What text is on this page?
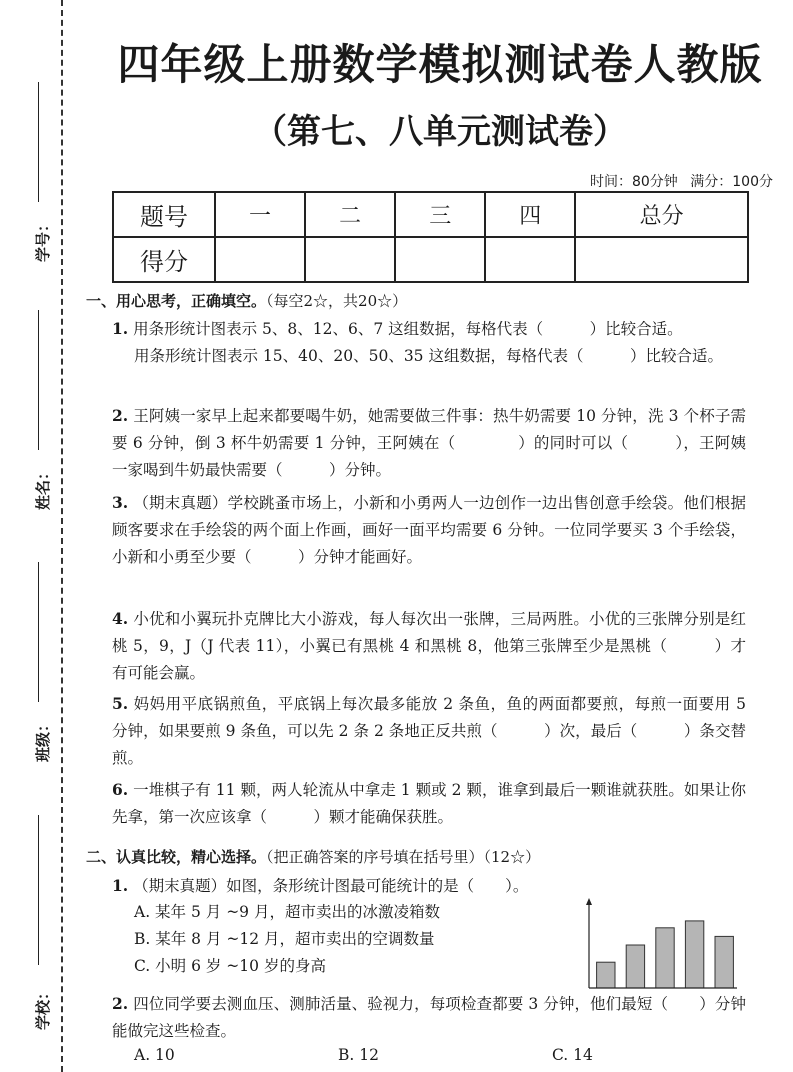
学号：
姓名：
班级：
学校：
四年级上册数学模拟测试卷人教版
（第七、八单元测试卷）
时间：80分钟 满分：100分
题号	一	二	三	四	总分
得分					
一、用心思考，正确填空。（每空2☆，共20☆）

1. 用条形统计图表示 5、8、12、6、7 这组数据，每格代表（　　　）比较合适。

用条形统计图表示 15、40、20、50、35 这组数据，每格代表（　　　）比较合适。

2. 王阿姨一家早上起来都要喝牛奶，她需要做三件事：热牛奶需要 10 分钟，洗 3 个杯子需要 6 分钟，倒 3 杯牛奶需要 1 分钟，王阿姨在（　　　　）的同时可以（　　　），王阿姨一家喝到牛奶最快需要（　　　）分钟。

3. （期末真题）学校跳蚤市场上，小新和小勇两人一边创作一边出售创意手绘袋。他们根据顾客要求在手绘袋的两个面上作画，画好一面平均需要 6 分钟。一位同学要买 3 个手绘袋，小新和小勇至少要（　　　）分钟才能画好。

4. 小优和小翼玩扑克牌比大小游戏，每人每次出一张牌，三局两胜。小优的三张牌分别是红桃 5，9，J（J 代表 11），小翼已有黑桃 4 和黑桃 8，他第三张牌至少是黑桃（　　　）才有可能会赢。

5. 妈妈用平底锅煎鱼，平底锅上每次最多能放 2 条鱼，鱼的两面都要煎，每煎一面要用 5 分钟，如果要煎 9 条鱼，可以先 2 条 2 条地正反共煎（　　　）次，最后（　　　）条交替煎。

6. 一堆棋子有 11 颗，两人轮流从中拿走 1 颗或 2 颗，谁拿到最后一颗谁就获胜。如果让你先拿，第一次应该拿（　　　）颗才能确保获胜。

二、认真比较，精心选择。（把正确答案的序号填在括号里）（12☆）

1. （期末真题）如图，条形统计图最可能统计的是（　　）。

A. 某年 5 月 ~9 月，超市卖出的冰激凌箱数
B. 某年 8 月 ~12 月，超市卖出的空调数量
C. 小明 6 岁 ~10 岁的身高

2. 四位同学要去测血压、测肺活量、验视力，每项检查都要 3 分钟，他们最短（　　）分钟能做完这些检查。

A. 10	B. 12	C. 14
